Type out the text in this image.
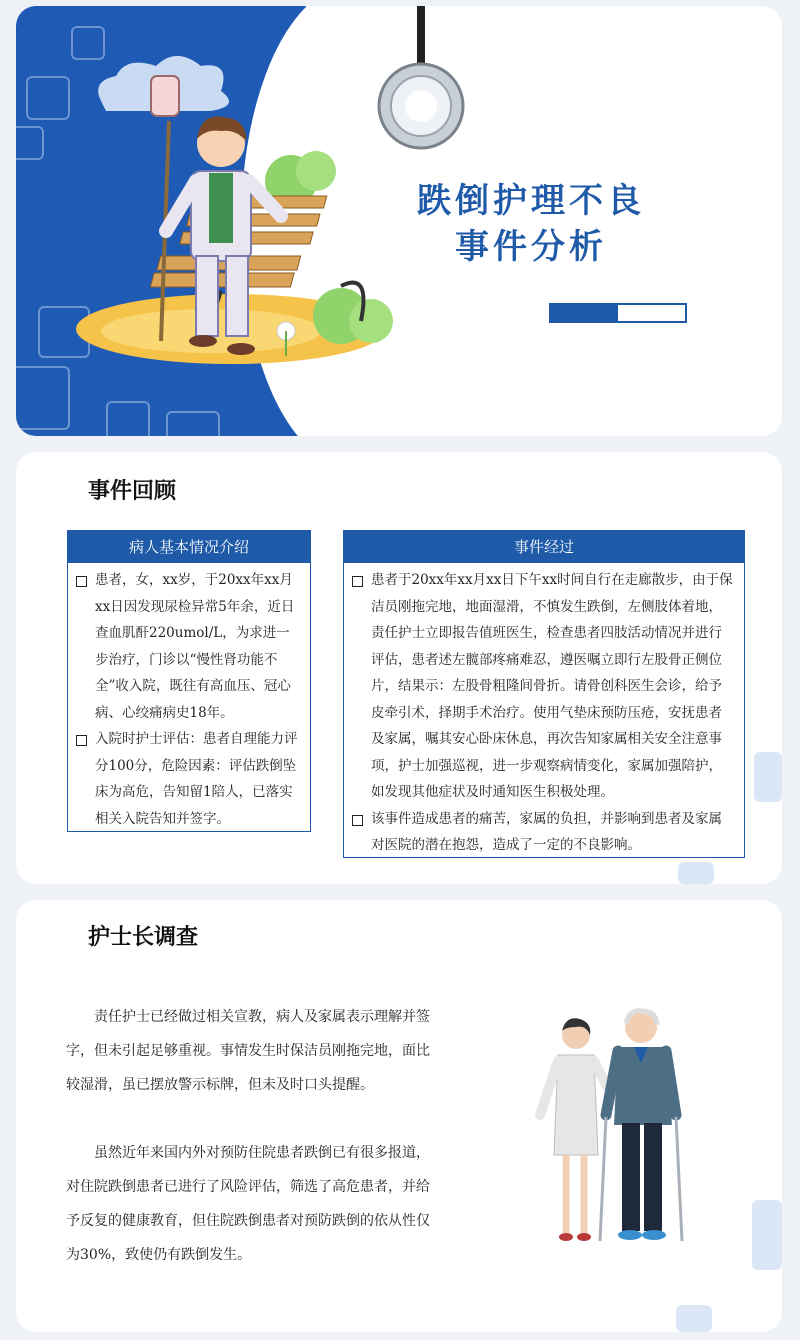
跌倒护理不良
事件分析
事件回顾
病人基本情况介绍
患者，女，xx岁，于20xx年xx月xx日因发现尿检异常5年余，近日查血肌酐220umol/L，为求进一步治疗，门诊以“慢性肾功能不全”收入院，既往有高血压、冠心病、心绞痛病史18年。
入院时护士评估：患者自理能力评分100分，危险因素：评估跌倒坠床为高危，告知留1陪人，已落实相关入院告知并签字。
事件经过
患者于20xx年xx月xx日下午xx时间自行在走廊散步，由于保洁员刚拖完地，地面湿滑，不慎发生跌倒，左侧肢体着地，责任护士立即报告值班医生，检查患者四肢活动情况并进行评估，患者述左髋部疼痛难忍，遵医嘱立即行左股骨正侧位片，结果示：左股骨粗隆间骨折。请骨创科医生会诊，给予皮牵引术，择期手术治疗。使用气垫床预防压疮，安抚患者及家属，嘱其安心卧床休息，再次告知家属相关安全注意事项，护士加强巡视，进一步观察病情变化，家属加强陪护，如发现其他症状及时通知医生积极处理。
该事件造成患者的痛苦，家属的负担，并影响到患者及家属对医院的潜在抱怨，造成了一定的不良影响。
护士长调查
责任护士已经做过相关宣教，病人及家属表示理解并签字，但未引起足够重视。事情发生时保洁员刚拖完地，面比较湿滑，虽已摆放警示标牌，但未及时口头提醒。
虽然近年来国内外对预防住院患者跌倒已有很多报道，对住院跌倒患者已进行了风险评估，筛选了高危患者，并给予反复的健康教育，但住院跌倒患者对预防跌倒的依从性仅为30%，致使仍有跌倒发生。
